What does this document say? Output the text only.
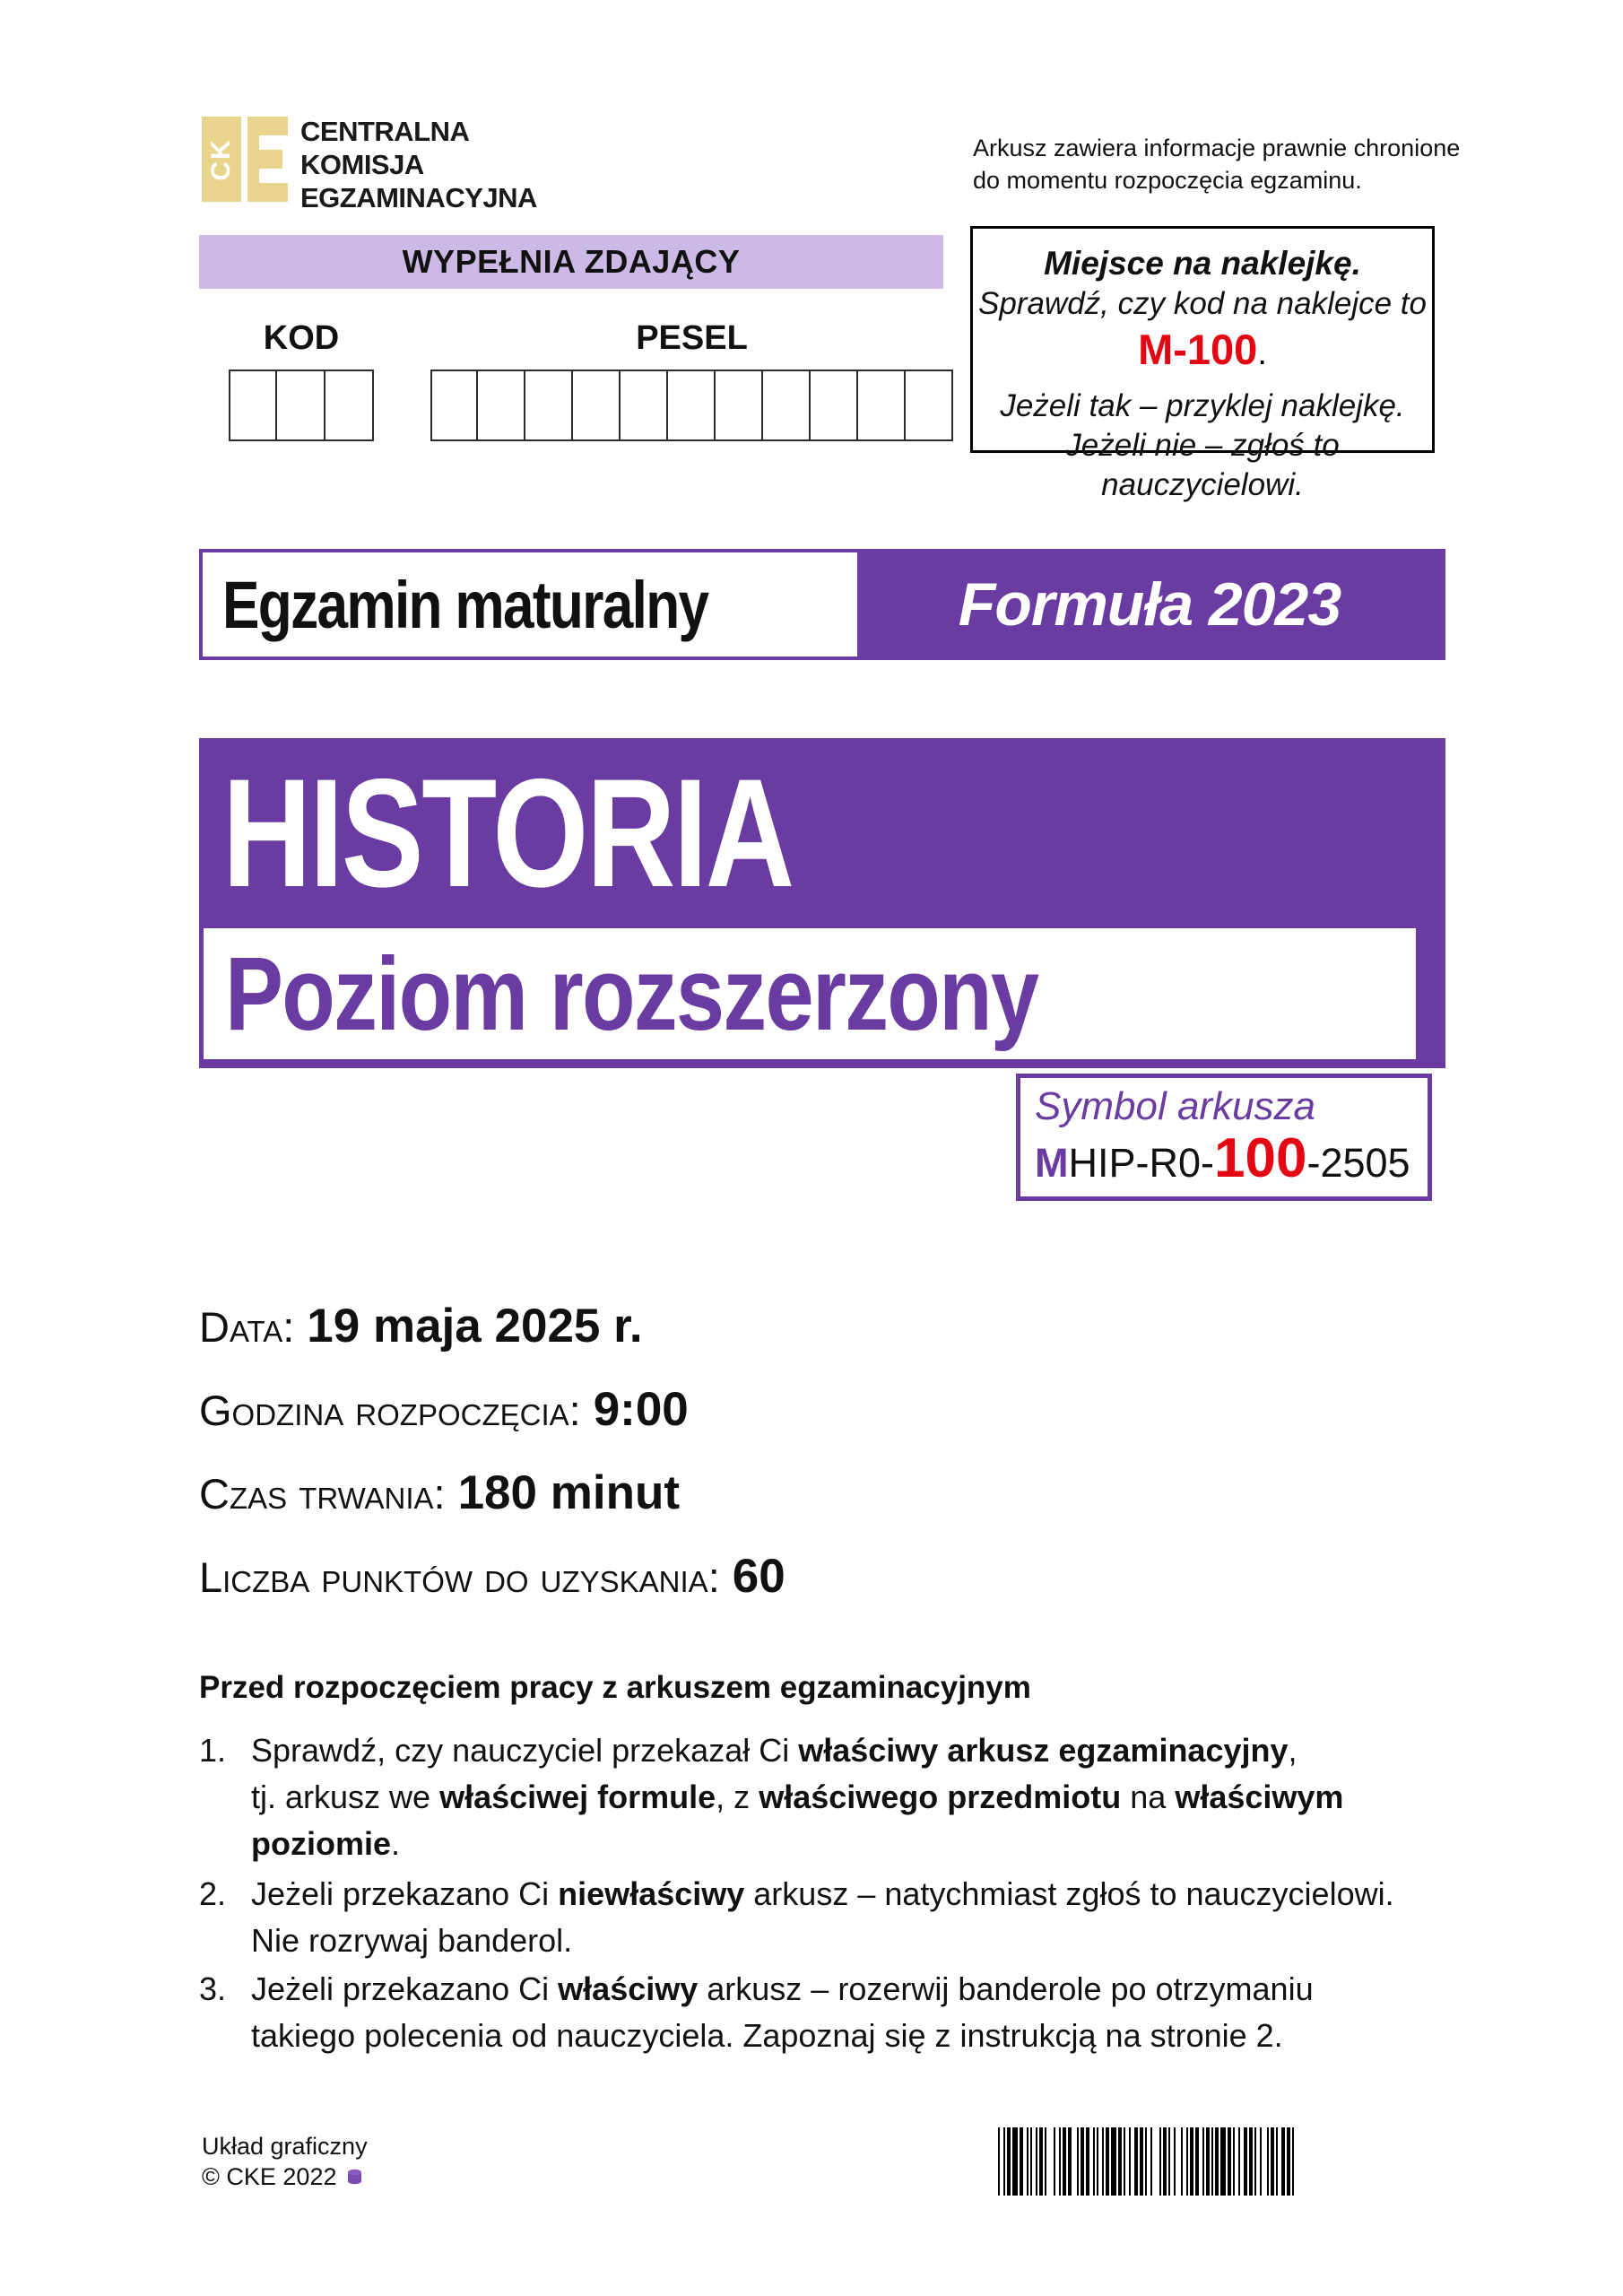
CK
CENTRALNA
KOMISJA
EGZAMINACYJNA
Arkusz zawiera informacje prawnie chronione
do momentu rozpoczęcia egzaminu.
WYPEŁNIA ZDAJĄCY
KOD	PESEL
Miejsce na naklejkę.
Sprawdź, czy kod na naklejce to
M-100.
Jeżeli tak – przyklej naklejkę.
Jeżeli nie – zgłoś to nauczycielowi.
Egzamin maturalny	Formuła 2023
HISTORIA
Poziom rozszerzony
Symbol arkusza
MHIP-R0-100-2505
Data: 19 maja 2025 r.
Godzina rozpoczęcia: 9:00
Czas trwania: 180 minut
Liczba punktów do uzyskania: 60
Przed rozpoczęciem pracy z arkuszem egzaminacyjnym
1. Sprawdź, czy nauczyciel przekazał Ci właściwy arkusz egzaminacyjny,
tj. arkusz we właściwej formule, z właściwego przedmiotu na właściwym
poziomie.
2. Jeżeli przekazano Ci niewłaściwy arkusz – natychmiast zgłoś to nauczycielowi.
Nie rozrywaj banderol.
3. Jeżeli przekazano Ci właściwy arkusz – rozerwij banderole po otrzymaniu
takiego polecenia od nauczyciela. Zapoznaj się z instrukcją na stronie 2.
Układ graficzny
© CKE 2022
